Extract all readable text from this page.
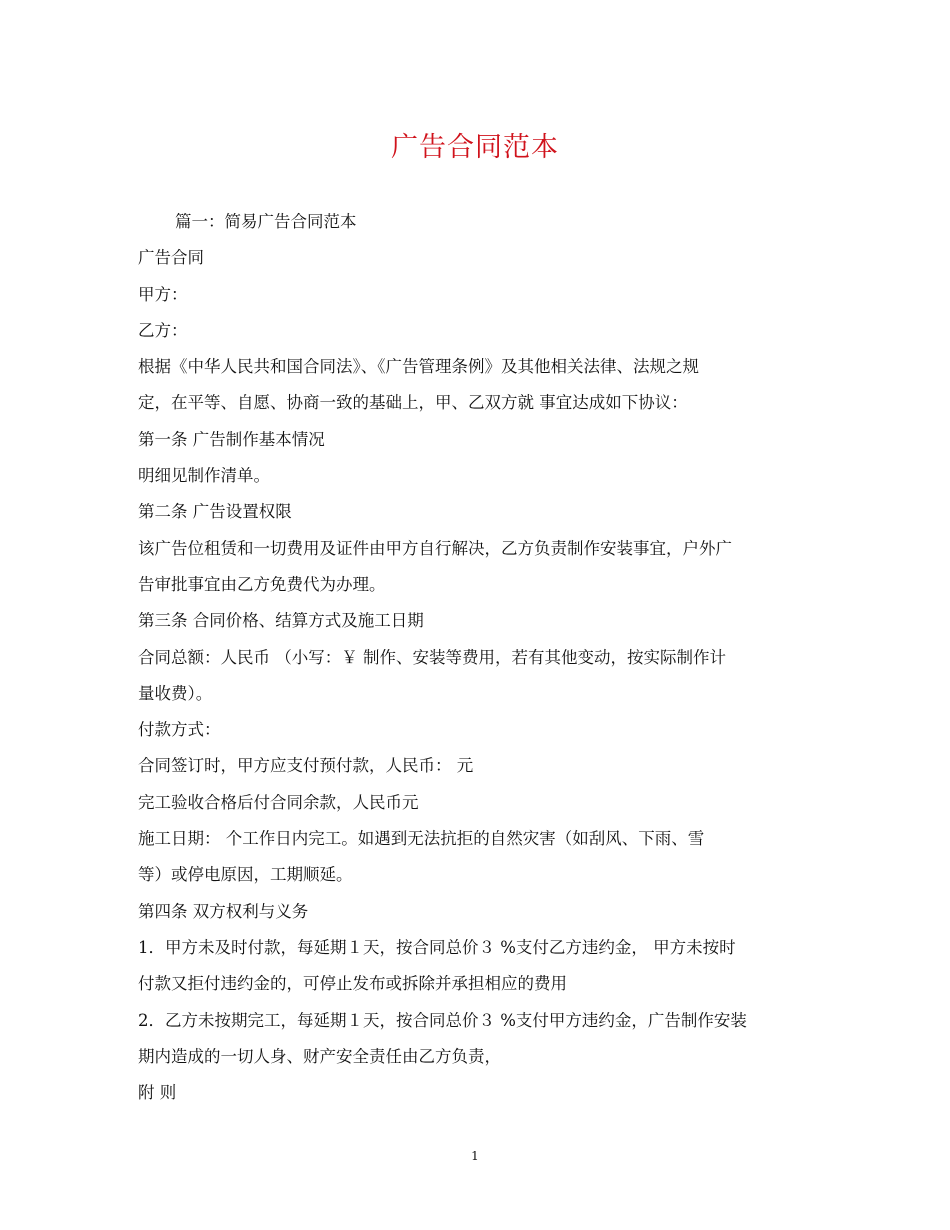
广告合同范本
篇一：简易广告合同范本
广告合同
甲方：
乙方：
根据《中华人民共和国合同法》、《广告管理条例》及其他相关法律、法规之规
定，在平等、自愿、协商一致的基础上，甲、乙双方就 事宜达成如下协议：
第一条 广告制作基本情况
明细见制作清单。
第二条 广告设置权限
该广告位租赁和一切费用及证件由甲方自行解决，乙方负责制作安装事宜，户外广
告审批事宜由乙方免费代为办理。
第三条 合同价格、结算方式及施工日期
合同总额：人民币 （小写：￥ 制作、安装等费用，若有其他变动，按实际制作计
量收费）。
付款方式：
合同签订时，甲方应支付预付款，人民币： 元
完工验收合格后付合同余款，人民币元
施工日期： 个工作日内完工。如遇到无法抗拒的自然灾害（如刮风、下雨、雪
等）或停电原因，工期顺延。
第四条 双方权利与义务
1．甲方未及时付款，每延期１天，按合同总价３ %支付乙方违约金， 甲方未按时
付款又拒付违约金的，可停止发布或拆除并承担相应的费用
2．乙方未按期完工，每延期１天，按合同总价３ %支付甲方违约金，广告制作安装
期内造成的一切人身、财产安全责任由乙方负责，
附 则
1
